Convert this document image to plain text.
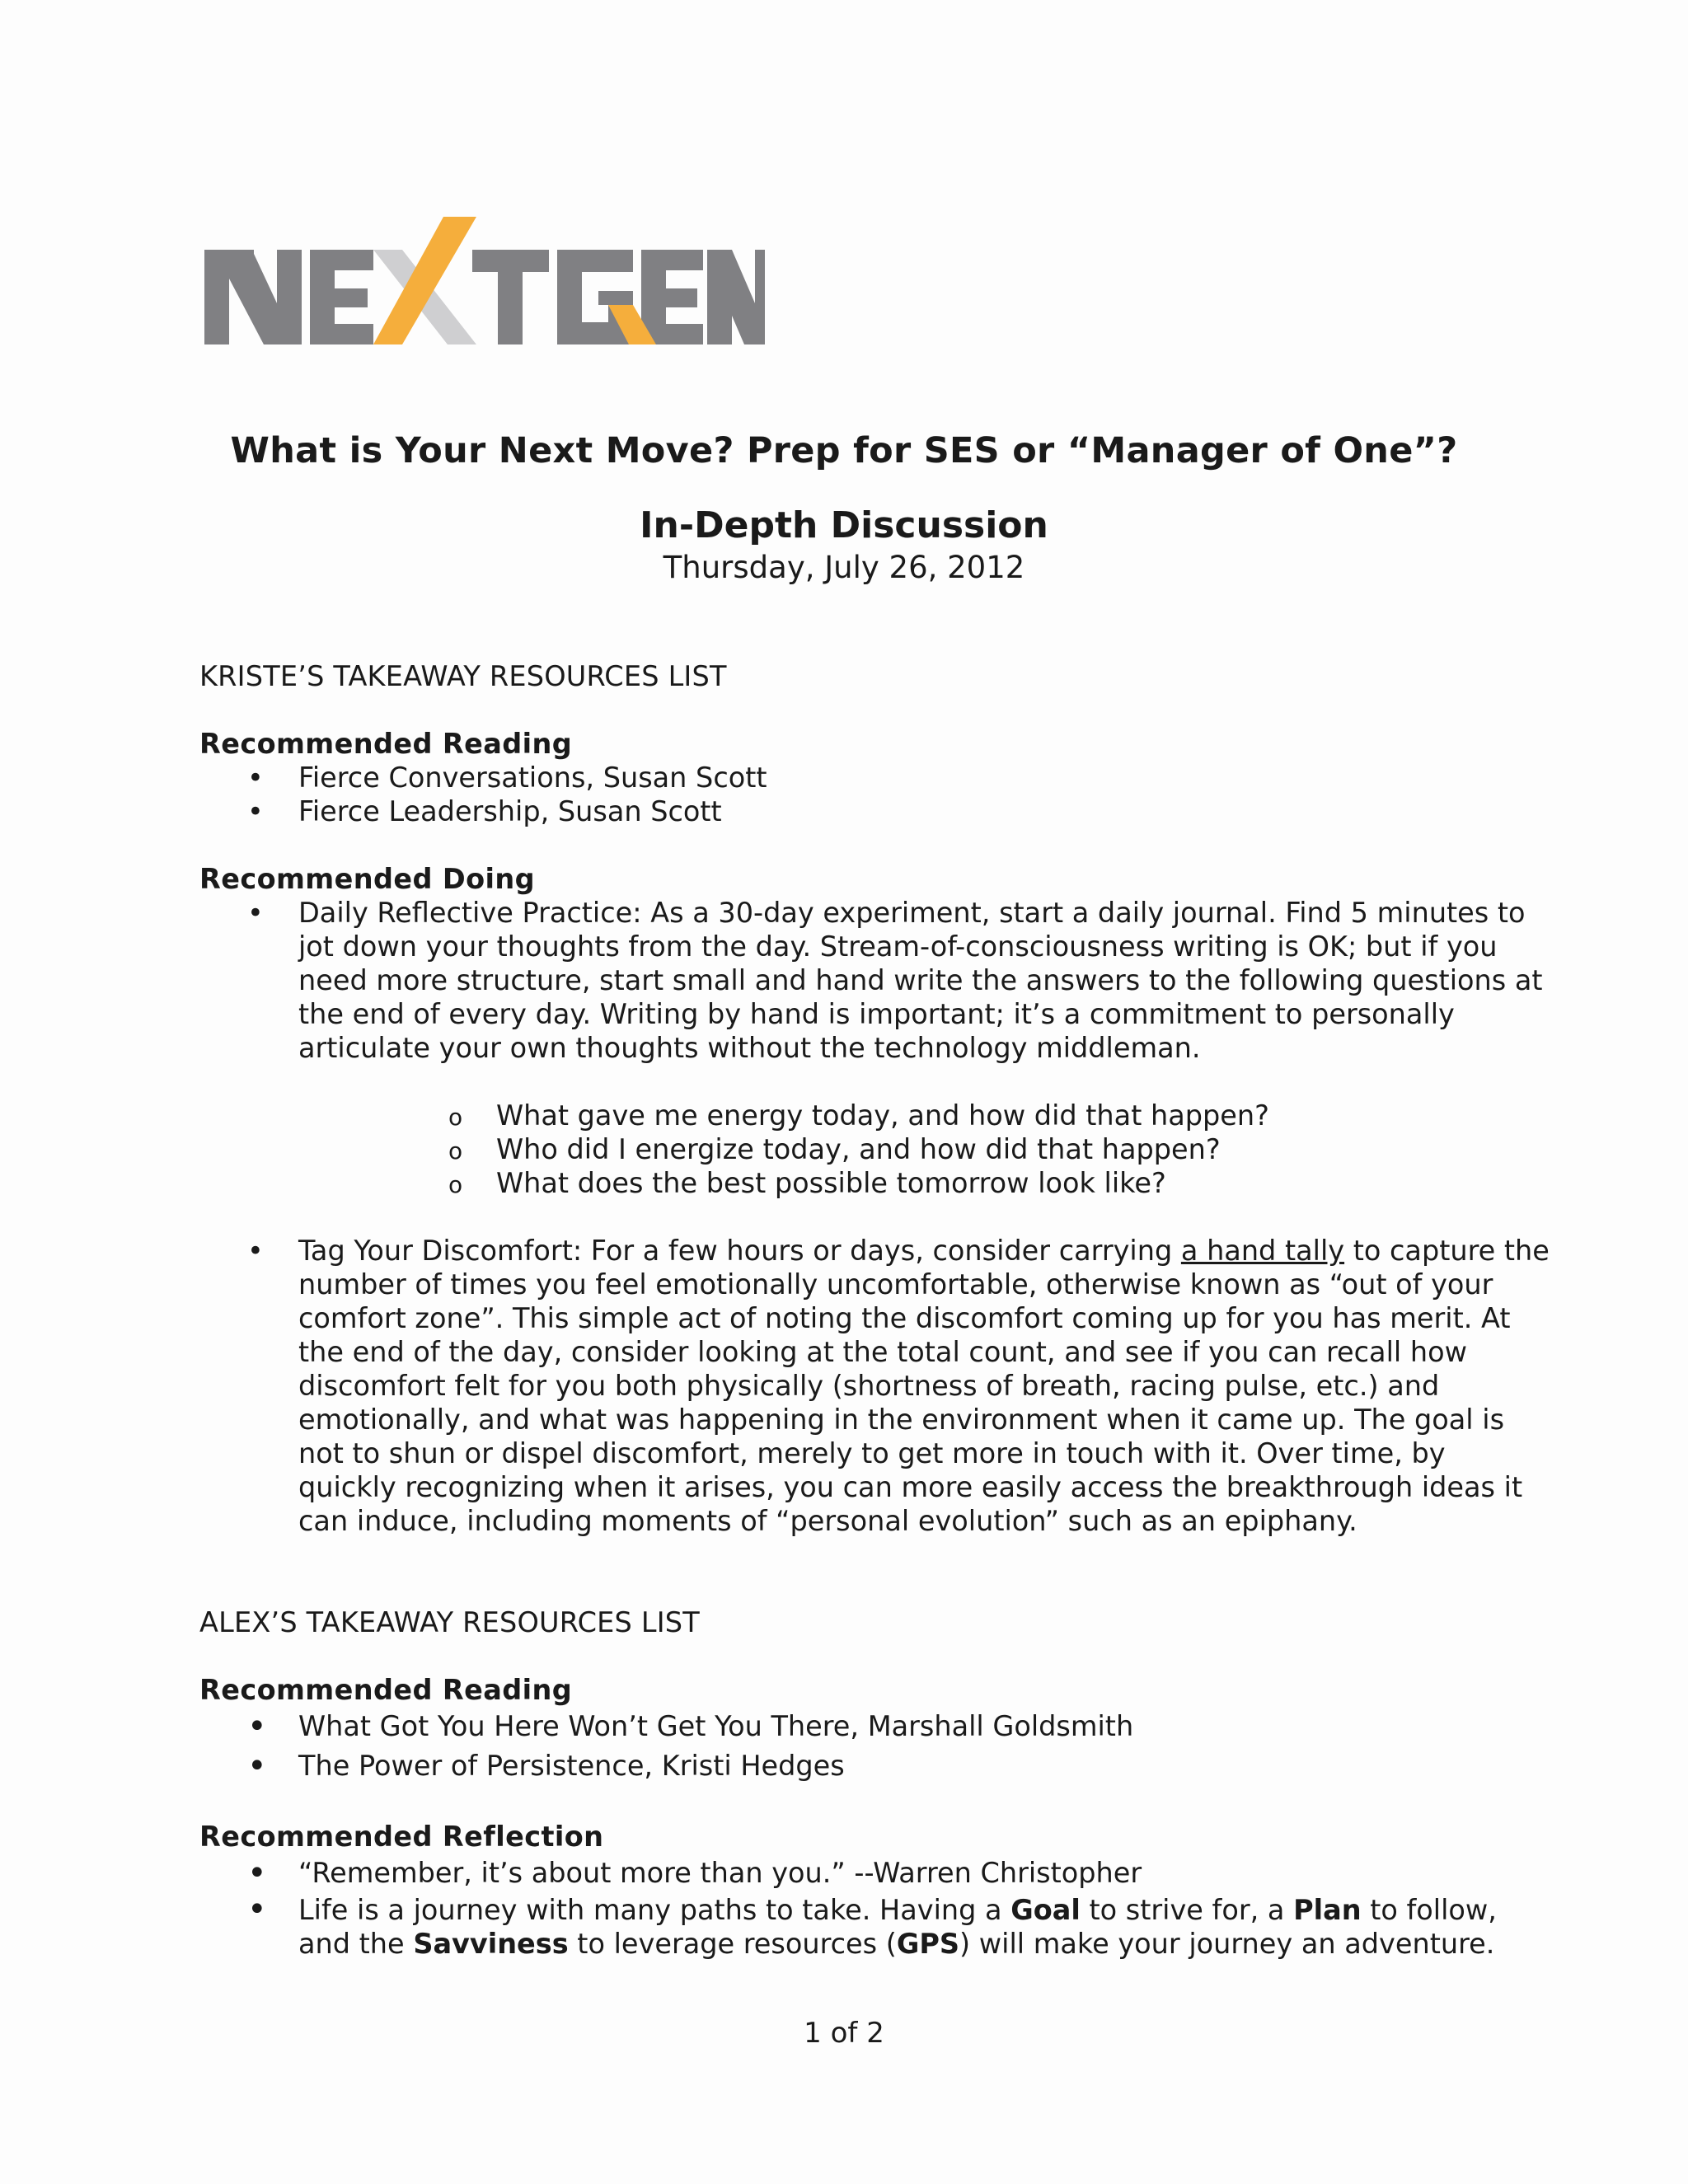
What is Your Next Move? Prep for SES or “Manager of One”?
In-Depth Discussion
Thursday, July 26, 2012

KRISTE’S TAKEAWAY RESOURCES LIST

Recommended Reading

• Fierce Conversations, Susan Scott
• Fierce Leadership, Susan Scott

Recommended Doing

• Daily Reflective Practice: As a 30-day experiment, start a daily journal. Find 5 minutes to jot down your thoughts from the day. Stream-of-consciousness writing is OK; but if you need more structure, start small and hand write the answers to the following questions at the end of every day. Writing by hand is important; it’s a commitment to personally articulate your own thoughts without the technology middleman.
o What gave me energy today, and how did that happen?
o Who did I energize today, and how did that happen?
o What does the best possible tomorrow look like?
• Tag Your Discomfort: For a few hours or days, consider carrying a hand tally to capture the number of times you feel emotionally uncomfortable, otherwise known as “out of your comfort zone”. This simple act of noting the discomfort coming up for you has merit. At the end of the day, consider looking at the total count, and see if you can recall how discomfort felt for you both physically (shortness of breath, racing pulse, etc.) and emotionally, and what was happening in the environment when it came up. The goal is not to shun or dispel discomfort, merely to get more in touch with it. Over time, by quickly recognizing when it arises, you can more easily access the breakthrough ideas it can induce, including moments of “personal evolution” such as an epiphany.

ALEX’S TAKEAWAY RESOURCES LIST

Recommended Reading

• What Got You Here Won’t Get You There, Marshall Goldsmith
• The Power of Persistence, Kristi Hedges

Recommended Reflection

• “Remember, it’s about more than you.” --Warren Christopher
• Life is a journey with many paths to take. Having a Goal to strive for, a Plan to follow, and the Savviness to leverage resources (GPS) will make your journey an adventure.
1 of 2
